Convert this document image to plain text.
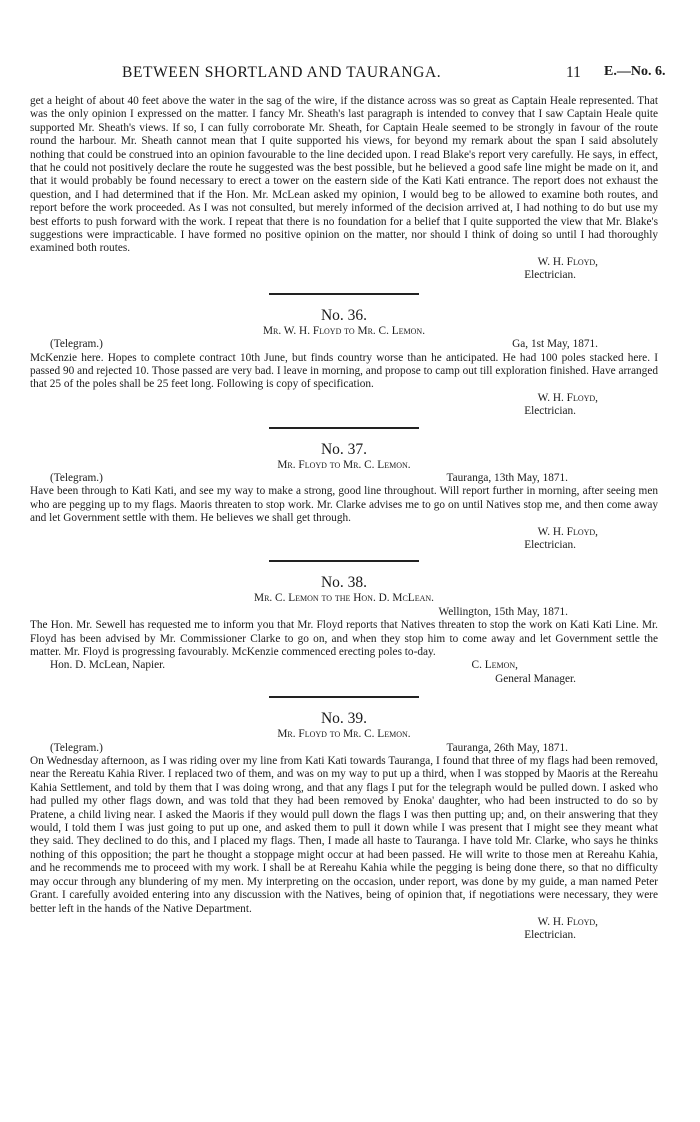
BETWEEN SHORTLAND AND TAURANGA.	11 E.—No. 6.

get a height of about 40 feet above the water in the sag of the wire, if the distance across was so great as Captain Heale represented. That was the only opinion I expressed on the matter. I fancy Mr. Sheath's last paragraph is intended to convey that I saw Captain Heale quite supported Mr. Sheath's views. If so, I can fully corroborate Mr. Sheath, for Captain Heale seemed to be strongly in favour of the route round the harbour. Mr. Sheath cannot mean that I quite supported his views, for beyond my remark about the span I said absolutely nothing that could be construed into an opinion favourable to the line decided upon. I read Blake's report very carefully. He says, in effect, that he could not positively declare the route he suggested was the best possible, but he believed a good safe line might be made on it, and that it would probably be found necessary to erect a tower on the eastern side of the Kati Kati entrance. The report does not exhaust the question, and I had determined that if the Hon. Mr. McLean asked my opinion, I would beg to be allowed to examine both routes, and report before the work proceeded. As I was not consulted, but merely informed of the decision arrived at, I had nothing to do but use my best efforts to push forward with the work. I repeat that there is no foundation for a belief that I quite supported the view that Mr. Blake's suggestions were impracticable. I have formed no positive opinion on the matter, nor should I think of doing so until I had thoroughly examined both routes.

W. H. Floyd,
Electrician.
No. 36.
Mr. W. H. Floyd to Mr. C. Lemon.
(Telegram.)	Ga, 1st May, 1871.

McKenzie here. Hopes to complete contract 10th June, but finds country worse than he anticipated. He had 100 poles stacked here. I passed 90 and rejected 10. Those passed are very bad. I leave in morning, and propose to camp out till exploration finished. Have arranged that 25 of the poles shall be 25 feet long. Following is copy of specification.

W. H. Floyd,
Electrician.
No. 37.
Mr. Floyd to Mr. C. Lemon.
(Telegram.)	Tauranga, 13th May, 1871.

Have been through to Kati Kati, and see my way to make a strong, good line throughout. Will report further in morning, after seeing men who are pegging up to my flags. Maoris threaten to stop work. Mr. Clarke advises me to go on until Natives stop me, and then come away and let Government settle with them. He believes we shall get through.

W. H. Floyd,
Electrician.
No. 38.
Mr. C. Lemon to the Hon. D. McLean.
Wellington, 15th May, 1871.

The Hon. Mr. Sewell has requested me to inform you that Mr. Floyd reports that Natives threaten to stop the work on Kati Kati Line. Mr. Floyd has been advised by Mr. Commissioner Clarke to go on, and when they stop him to come away and let Government settle the matter. Mr. Floyd is progressing favourably. McKenzie commenced erecting poles to-day.

Hon. D. McLean, Napier.	C. Lemon,
General Manager.
No. 39.
Mr. Floyd to Mr. C. Lemon.
(Telegram.)	Tauranga, 26th May, 1871.

On Wednesday afternoon, as I was riding over my line from Kati Kati towards Tauranga, I found that three of my flags had been removed, near the Rereatu Kahia River. I replaced two of them, and was on my way to put up a third, when I was stopped by Maoris at the Rereahu Kahia Settlement, and told by them that I was doing wrong, and that any flags I put for the telegraph would be pulled down. I asked who had pulled my other flags down, and was told that they had been removed by Enoka' daughter, who had been instructed to do so by Pratene, a child living near. I asked the Maoris if they would pull down the flags I was then putting up; and, on their answering that they would, I told them I was just going to put up one, and asked them to pull it down while I was present that I might see they meant what they said. They declined to do this, and I placed my flags. Then, I made all haste to Tauranga. I have told Mr. Clarke, who says he thinks nothing of this opposition; the part he thought a stoppage might occur at had been passed. He will write to those men at Rereahu Kahia, and he recommends me to proceed with my work. I shall be at Rereahu Kahia while the pegging is being done there, so that no difficulty may occur through any blundering of my men. My interpreting on the occasion, under report, was done by my guide, a man named Peter Grant. I carefully avoided entering into any discussion with the Natives, being of opinion that, if negotiations were necessary, they were better left in the hands of the Native Department.

W. H. Floyd,
Electrician.
